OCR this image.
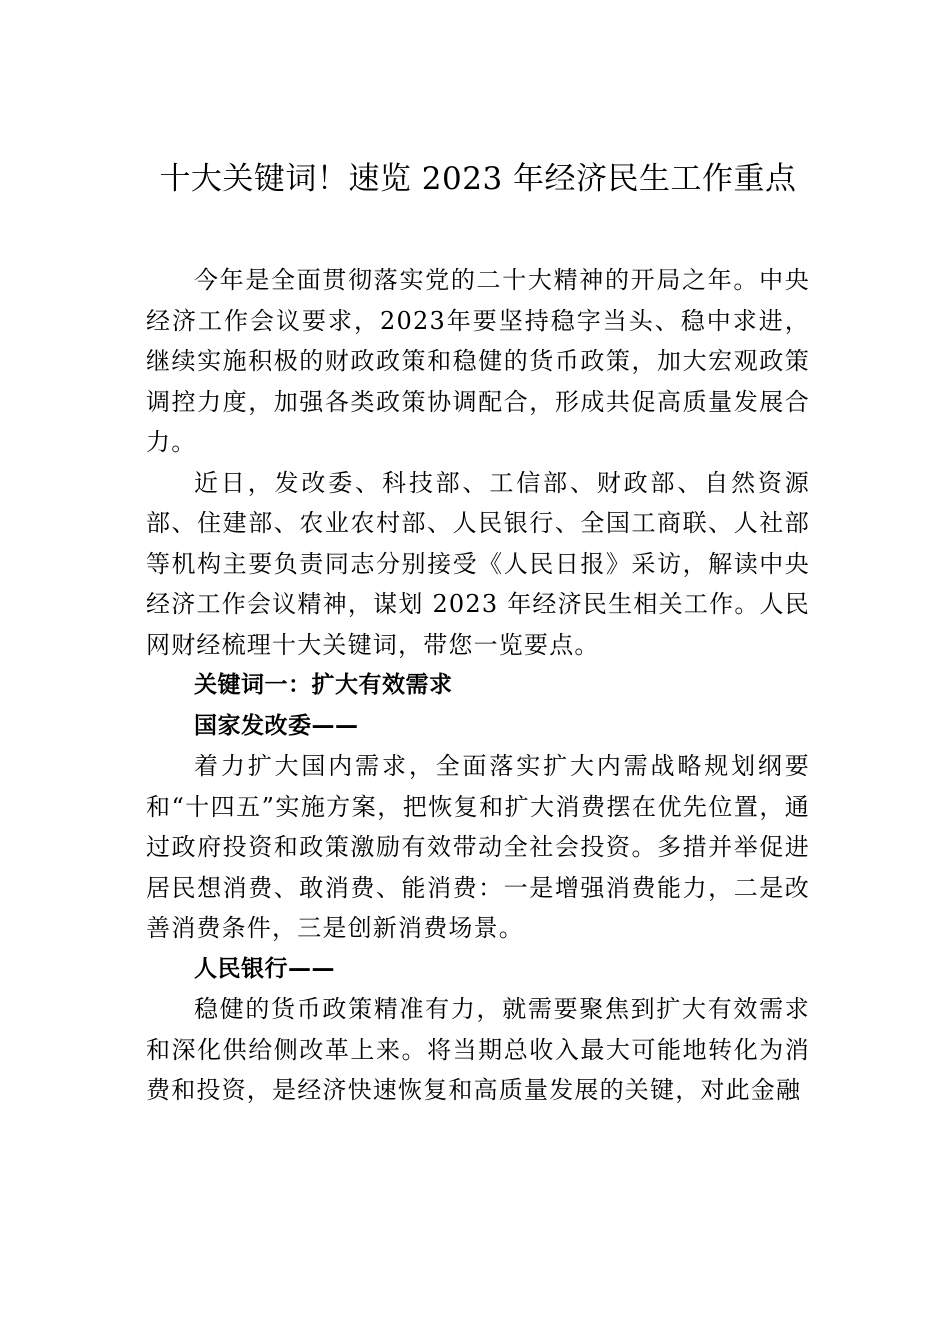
十大关键词！速览 2023 年经济民生工作重点

今年是全面贯彻落实党的二十大精神的开局之年。中央经济工作会议要求，2023年要坚持稳字当头、稳中求进，继续实施积极的财政政策和稳健的货币政策，加大宏观政策调控力度，加强各类政策协调配合，形成共促高质量发展合力。

近日，发改委、科技部、工信部、财政部、自然资源部、住建部、农业农村部、人民银行、全国工商联、人社部等机构主要负责同志分别接受《人民日报》采访，解读中央经济工作会议精神，谋划 2023 年经济民生相关工作。人民网财经梳理十大关键词，带您一览要点。

关键词一：扩大有效需求

国家发改委——

着力扩大国内需求，全面落实扩大内需战略规划纲要和“十四五”实施方案，把恢复和扩大消费摆在优先位置，通过政府投资和政策激励有效带动全社会投资。多措并举促进居民想消费、敢消费、能消费：一是增强消费能力，二是改善消费条件，三是创新消费场景。

人民银行——

稳健的货币政策精准有力，就需要聚焦到扩大有效需求和深化供给侧改革上来。将当期总收入最大可能地转化为消费和投资，是经济快速恢复和高质量发展的关键，对此金融
